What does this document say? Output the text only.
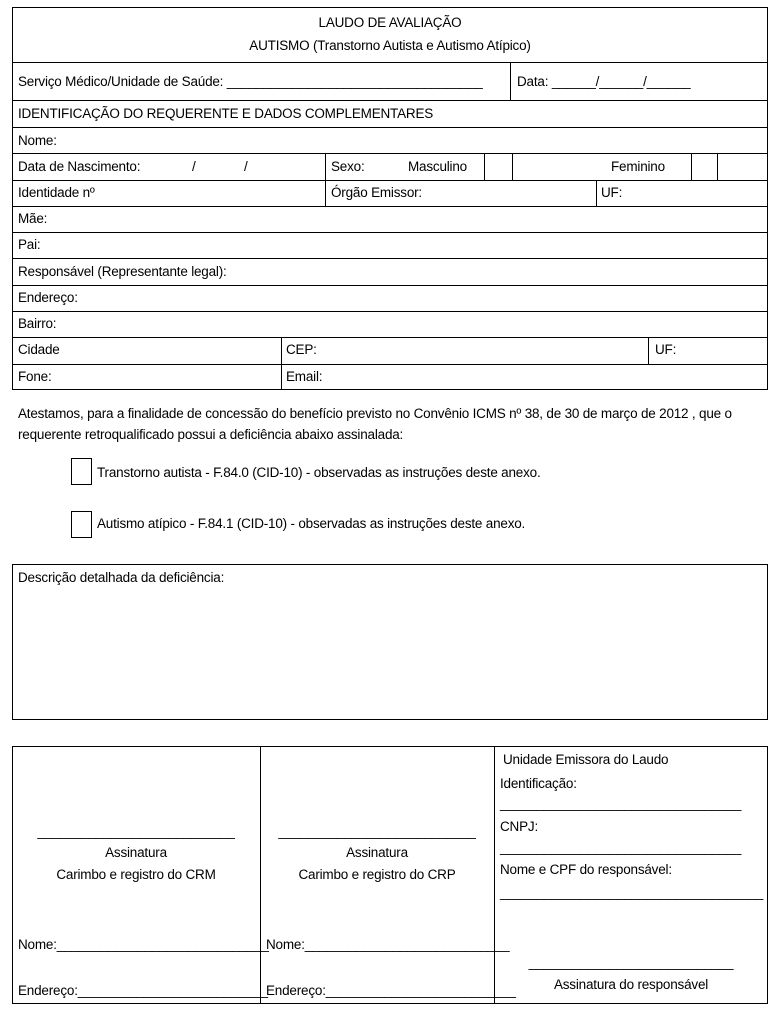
LAUDO DE AVALIAÇÃO
AUTISMO (Transtorno Autista e Autismo Atípico)
Serviço Médico/Unidade de Saúde: ___________________________________	Data: ______/______/______
IDENTIFICAÇÃO DO REQUERENTE E DADOS COMPLEMENTARES
Nome:
Data de Nascimento:	/	/	Sexo:	Masculino	Feminino
Identidade nº	Órgão Emissor:	UF:
Mãe:
Pai:
Responsável (Representante legal):
Endereço:
Bairro:
Cidade	CEP:	UF:
Fone:	Email:
Atestamos, para a finalidade de concessão do benefício previsto no Convênio ICMS nº 38, de 30 de março de 2012 , que o
requerente retroqualificado possui a deficiência abaixo assinalada:
Transtorno autista - F.84.0 (CID-10) - observadas as instruções deste anexo.
Autismo atípico - F.84.1 (CID-10) - observadas as instruções deste anexo.
Descrição detalhada da deficiência:
___________________________
Assinatura
Carimbo e registro do CRM
Nome:_____________________________
Endereço:__________________________
___________________________
Assinatura
Carimbo e registro do CRP
Nome:____________________________
Endereço:__________________________
Unidade Emissora do Laudo
Identificação:
_________________________________
CNPJ:
_________________________________
Nome e CPF do responsável:
____________________________________
____________________________
Assinatura do responsável
